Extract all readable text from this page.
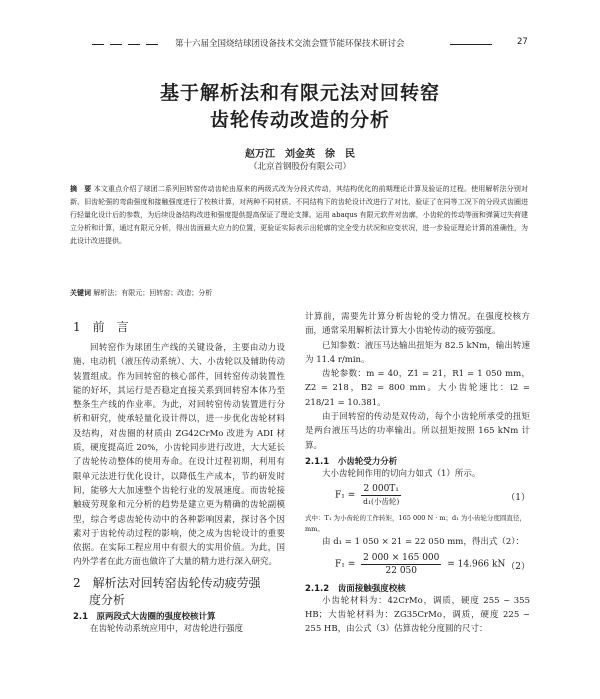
第十六届全国烧结球团设备技术交流会暨节能环保技术研讨会	27
基于解析法和有限元法对回转窑
齿轮传动改造的分析
赵万江　刘金英　徐　民
（北京首钢股份有限公司）
摘　要 本文重点介绍了球团二系列回转窑传动齿轮由原来的两级式改为分段式传动，其结构优化的前期理论计算及验证的过程。使用解析法分别对新、旧齿轮强的弯曲强度和接触强度进行了校核计算，对两种不同材质、不同结构下的齿轮设计改进行了对比，验证了在同等工况下的分段式齿圈进行轻量化设计后的参数，为后续设备结构改进和强度提供提高保证了理论支撑。运用 abaqus 有限元软件对齿廓，小齿轮的传动等面和弹簧过失荷建立分析和计算，通过有限元分析，得出齿面最大应力的位置，更验证实际表示出轮廓的完全受力状况和应变状况，进一步验证理论计算的准确性，为此设计改进提供。
关键词 解析法；有限元；回转窑；改造；分析
1　前　言
回转窑作为球团生产线的关键设备，主要由动力设施、电动机（液压传动系统）、大、小齿轮以及辅助传动装置组成。作为回转窑的核心部件，回转窑传动装置性能的好坏，其运行是否稳定直接关系到回转窑本体乃至整条生产线的作业率。为此，对回转窑传动装置进行分析和研究，使承轻量化设计得以，进一步优化齿轮材料及结构，对齿圈的材质由 ZG42CrMo 改进为 ADI 材质，硬度提高近 20%，小齿轮同步进行改进，大大延长了齿轮传动整体的使用寿命。在设计过程初期，利用有限单元法进行优化设计，以降低生产成本，节约研发时间，能够大大加速整个齿轮行业的发展速度。而齿轮接触疲劳现象和元分析的趋势是建立更为精确的齿轮副模型，综合考虑齿轮传动中的各种影响因素，探讨各个因素对于齿轮传动过程的影响，使之成为齿轮设计的重要依据。在实际工程应用中有很大的实用价值。为此，国内外学者在此方面也做许了大量的精力进行深入研究。
2　解析法对回转窑齿轮传动疲劳强
度分析
2.1　原两段式大齿圈的强度校核计算
在齿轮传动系统应用中，对齿轮进行强度
计算前，需要先计算分析齿轮的受力情况。在强度校核方面，通常采用解析法计算大小齿轮传动的疲劳强度。
已知参数：液压马达输出扭矩为 82.5 kNm，输出转速为 11.4 r/min。
齿轮参数：m = 40，Z1 = 21，R1 = 1 050 mm，Z2 = 218，B2 = 800 mm。大小齿轮速比：i2 = 218/21 = 10.381。
由于回转窑的传动是双传动，每个小齿轮所承受的扭矩是两台液压马达的功率输出。所以扭矩按照 165 kNm 计算。
2.1.1　小齿轮受力分析
大小齿轮间作用的切向力如式（1）所示。
$F_1 = \frac{\text{2 000T₁}}{\text{d₁(小齿轮)}}$	（1）
式中：T₁ 为小齿轮的工作转矩，165 000 N · m；d₁ 为小齿轮分度圆直径，mm。
由 d₁ = 1 050 × 21 = 22 050 mm，得出式（2）：
$F_1 = \frac{2 000 \times 165 000}{22 050} = 14.966$ kN （2）
2.1.2　齿面接触强度校核
小齿轮材料为：42CrMo，调质，硬度 255 ~ 355 HB；大齿轮材料为：ZG35CrMo，调质，硬度 225 ~ 255 HB，由公式（3）估算齿轮分度圆的尺寸：
